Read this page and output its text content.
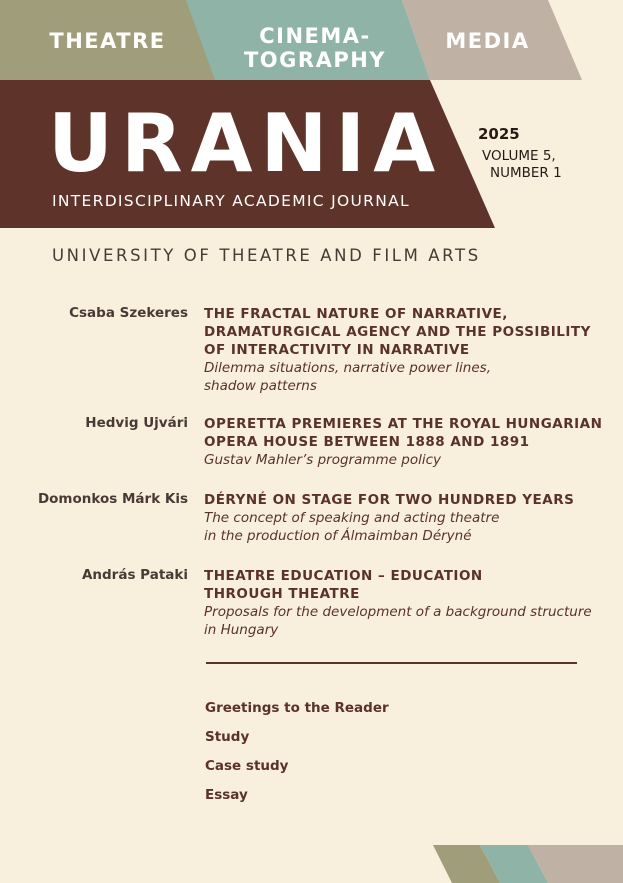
THEATRE	CINEMA-
TOGRAPHY
MEDIA
URANIA
INTERDISCIPLINARY ACADEMIC JOURNAL
2025
VOLUME 5,
NUMBER 1
UNIVERSITY OF THEATRE AND FILM ARTS
Csaba Szekeres THE FRACTAL NATURE OF NARRATIVE,
DRAMATURGICAL AGENCY AND THE POSSIBILITY
OF INTERACTIVITY IN NARRATIVE
Dilemma situations, narrative power lines,
shadow patterns
Hedvig Ujvári OPERETTA PREMIERES AT THE ROYAL HUNGARIAN
OPERA HOUSE BETWEEN 1888 AND 1891
Gustav Mahler’s programme policy
Domonkos Márk Kis DÉRYNÉ ON STAGE FOR TWO HUNDRED YEARS
The concept of speaking and acting theatre
in the production of Álmaimban Déryné
András Pataki THEATRE EDUCATION – EDUCATION
THROUGH THEATRE
Proposals for the development of a background structure
in Hungary
Greetings to the Reader
Study
Case study
Essay
